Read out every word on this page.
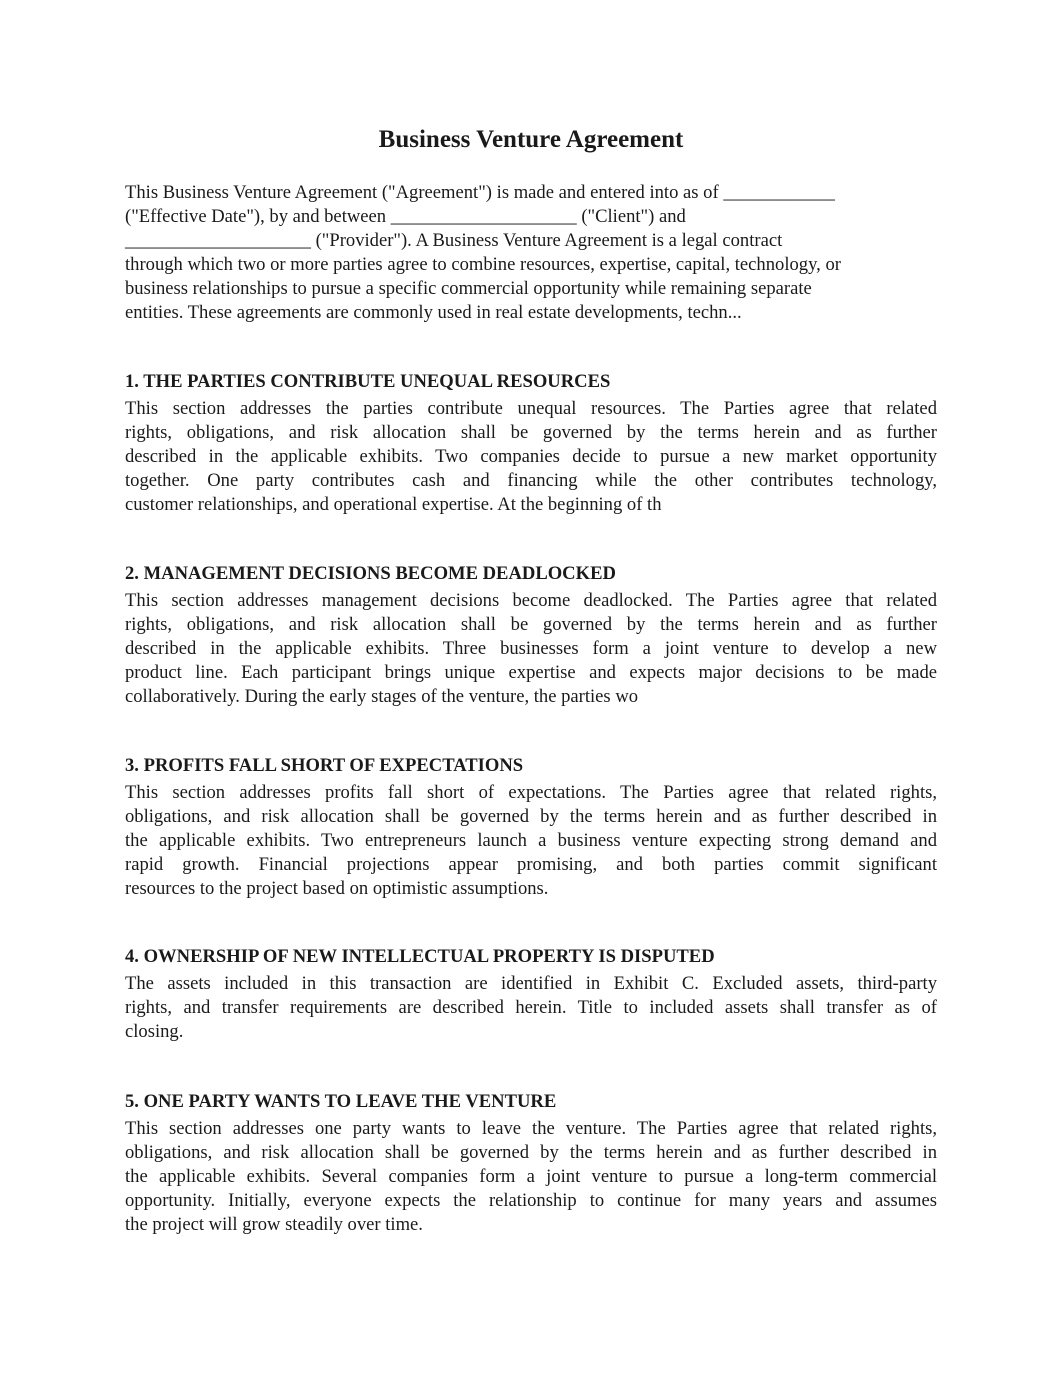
Business Venture Agreement
This Business Venture Agreement ("Agreement") is made and entered into as of ____________
("Effective Date"), by and between ____________________ ("Client") and
____________________ ("Provider"). A Business Venture Agreement is a legal contract
through which two or more parties agree to combine resources, expertise, capital, technology, or
business relationships to pursue a specific commercial opportunity while remaining separate
entities. These agreements are commonly used in real estate developments, techn...
1. THE PARTIES CONTRIBUTE UNEQUAL RESOURCES
This section addresses the parties contribute unequal resources. The Parties agree that related
rights, obligations, and risk allocation shall be governed by the terms herein and as further
described in the applicable exhibits. Two companies decide to pursue a new market opportunity
together. One party contributes cash and financing while the other contributes technology,
customer relationships, and operational expertise. At the beginning of th
2. MANAGEMENT DECISIONS BECOME DEADLOCKED
This section addresses management decisions become deadlocked. The Parties agree that related
rights, obligations, and risk allocation shall be governed by the terms herein and as further
described in the applicable exhibits. Three businesses form a joint venture to develop a new
product line. Each participant brings unique expertise and expects major decisions to be made
collaboratively. During the early stages of the venture, the parties wo
3. PROFITS FALL SHORT OF EXPECTATIONS
This section addresses profits fall short of expectations. The Parties agree that related rights,
obligations, and risk allocation shall be governed by the terms herein and as further described in
the applicable exhibits. Two entrepreneurs launch a business venture expecting strong demand and
rapid growth. Financial projections appear promising, and both parties commit significant
resources to the project based on optimistic assumptions.
4. OWNERSHIP OF NEW INTELLECTUAL PROPERTY IS DISPUTED
The assets included in this transaction are identified in Exhibit C. Excluded assets, third-party
rights, and transfer requirements are described herein. Title to included assets shall transfer as of
closing.
5. ONE PARTY WANTS TO LEAVE THE VENTURE
This section addresses one party wants to leave the venture. The Parties agree that related rights,
obligations, and risk allocation shall be governed by the terms herein and as further described in
the applicable exhibits. Several companies form a joint venture to pursue a long-term commercial
opportunity. Initially, everyone expects the relationship to continue for many years and assumes
the project will grow steadily over time.
